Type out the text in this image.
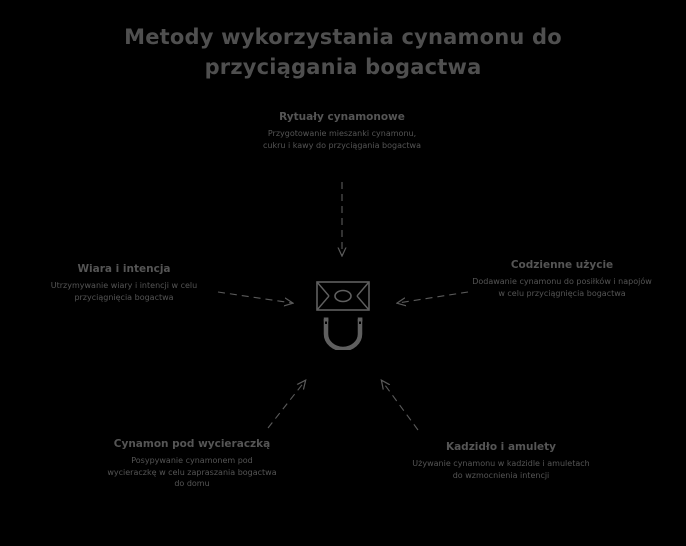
Metody wykorzystania cynamonu do przyciągania bogactwa
Rytuały cynamonowe
Przygotowanie mieszanki cynamonu, cukru i kawy do przyciągania bogactwa
Wiara i intencja
Utrzymywanie wiary i intencji w celu przyciągnięcia bogactwa
Codzienne użycie
Dodawanie cynamonu do posiłków i napojów w celu przyciągnięcia bogactwa
Cynamon pod wycieraczką
Posypywanie cynamonem pod wycieraczkę w celu zapraszania bogactwa do domu
Kadzidło i amulety
Używanie cynamonu w kadzidle i amuletach do wzmocnienia intencji
